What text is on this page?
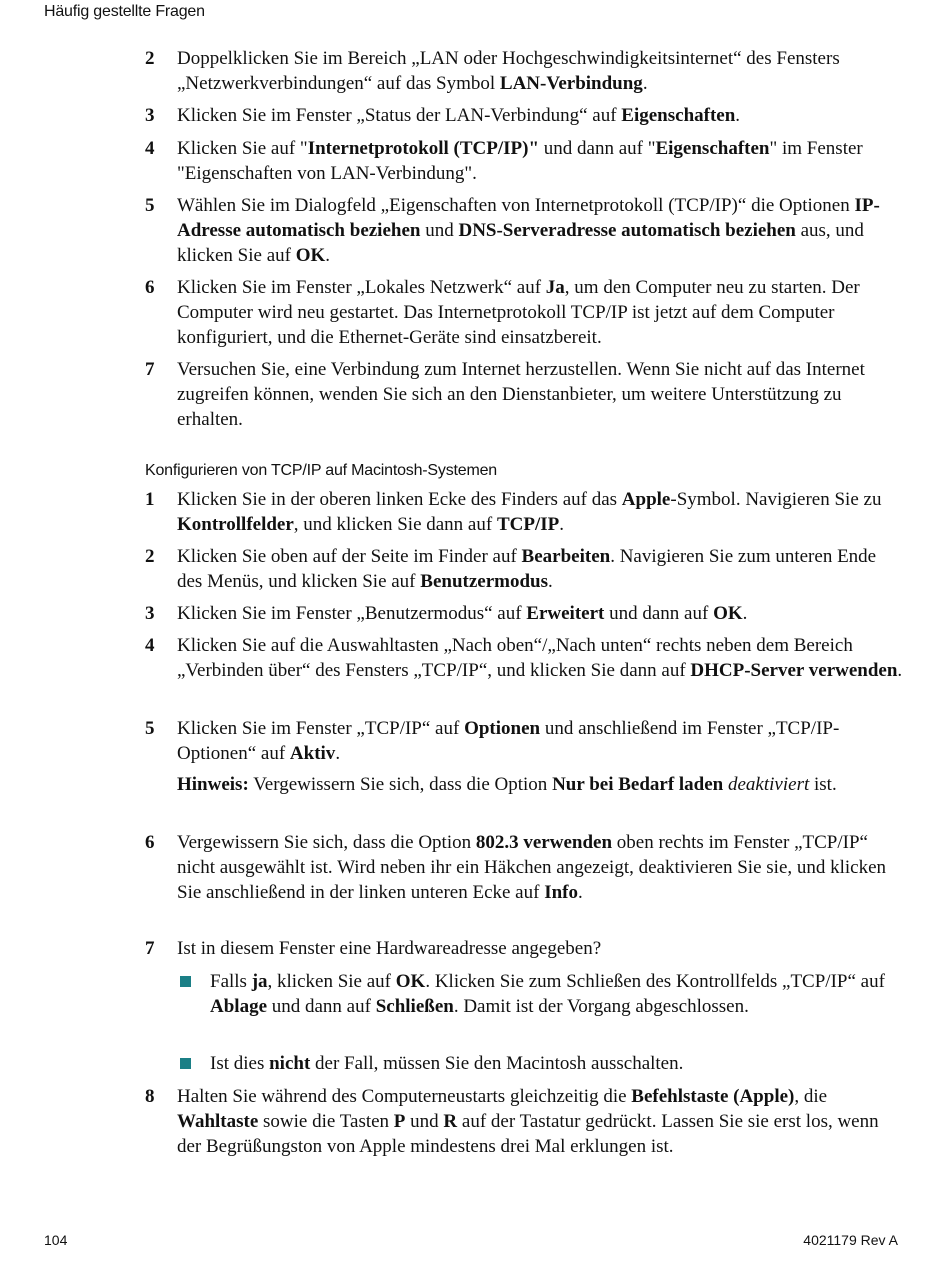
Häufig gestellte Fragen
2	Doppelklicken Sie im Bereich „LAN oder Hochgeschwindigkeitsinternet“ des Fensters „Netzwerkverbindungen“ auf das Symbol LAN-Verbindung.
3	Klicken Sie im Fenster „Status der LAN-Verbindung“ auf Eigenschaften.
4	Klicken Sie auf "Internetprotokoll (TCP/IP)" und dann auf "Eigenschaften" im Fenster "Eigenschaften von LAN-Verbindung".
5	Wählen Sie im Dialogfeld „Eigenschaften von Internetprotokoll (TCP/IP)“ die Optionen IP-Adresse automatisch beziehen und DNS-Serveradresse automatisch beziehen aus, und klicken Sie auf OK.
6	Klicken Sie im Fenster „Lokales Netzwerk“ auf Ja, um den Computer neu zu starten. Der Computer wird neu gestartet. Das Internetprotokoll TCP/IP ist jetzt auf dem Computer konfiguriert, und die Ethernet-Geräte sind einsatzbereit.
7	Versuchen Sie, eine Verbindung zum Internet herzustellen. Wenn Sie nicht auf das Internet zugreifen können, wenden Sie sich an den Dienstanbieter, um weitere Unterstützung zu erhalten.
Konfigurieren von TCP/IP auf Macintosh-Systemen
1	Klicken Sie in der oberen linken Ecke des Finders auf das Apple-Symbol. Navigieren Sie zu Kontrollfelder, und klicken Sie dann auf TCP/IP.
2	Klicken Sie oben auf der Seite im Finder auf Bearbeiten. Navigieren Sie zum unteren Ende des Menüs, und klicken Sie auf Benutzermodus.
3	Klicken Sie im Fenster „Benutzermodus“ auf Erweitert und dann auf OK.
4	Klicken Sie auf die Auswahltasten „Nach oben“/„Nach unten“ rechts neben dem Bereich „Verbinden über“ des Fensters „TCP/IP“, und klicken Sie dann auf DHCP-Server verwenden.
5	Klicken Sie im Fenster „TCP/IP“ auf Optionen und anschließend im Fenster „TCP/IP-Optionen“ auf Aktiv.
Hinweis: Vergewissern Sie sich, dass die Option Nur bei Bedarf laden deaktiviert ist.
6	Vergewissern Sie sich, dass die Option 802.3 verwenden oben rechts im Fenster „TCP/IP“ nicht ausgewählt ist. Wird neben ihr ein Häkchen angezeigt, deaktivieren Sie sie, und klicken Sie anschließend in der linken unteren Ecke auf Info.
7	Ist in diesem Fenster eine Hardwareadresse angegeben?
Falls ja, klicken Sie auf OK. Klicken Sie zum Schließen des Kontrollfelds „TCP/IP“ auf Ablage und dann auf Schließen. Damit ist der Vorgang abgeschlossen.
Ist dies nicht der Fall, müssen Sie den Macintosh ausschalten.
8	Halten Sie während des Computerneustarts gleichzeitig die Befehlstaste (Apple), die Wahltaste sowie die Tasten P und R auf der Tastatur gedrückt. Lassen Sie sie erst los, wenn der Begrüßungston von Apple mindestens drei Mal erklungen ist.
104	4021179 Rev A
